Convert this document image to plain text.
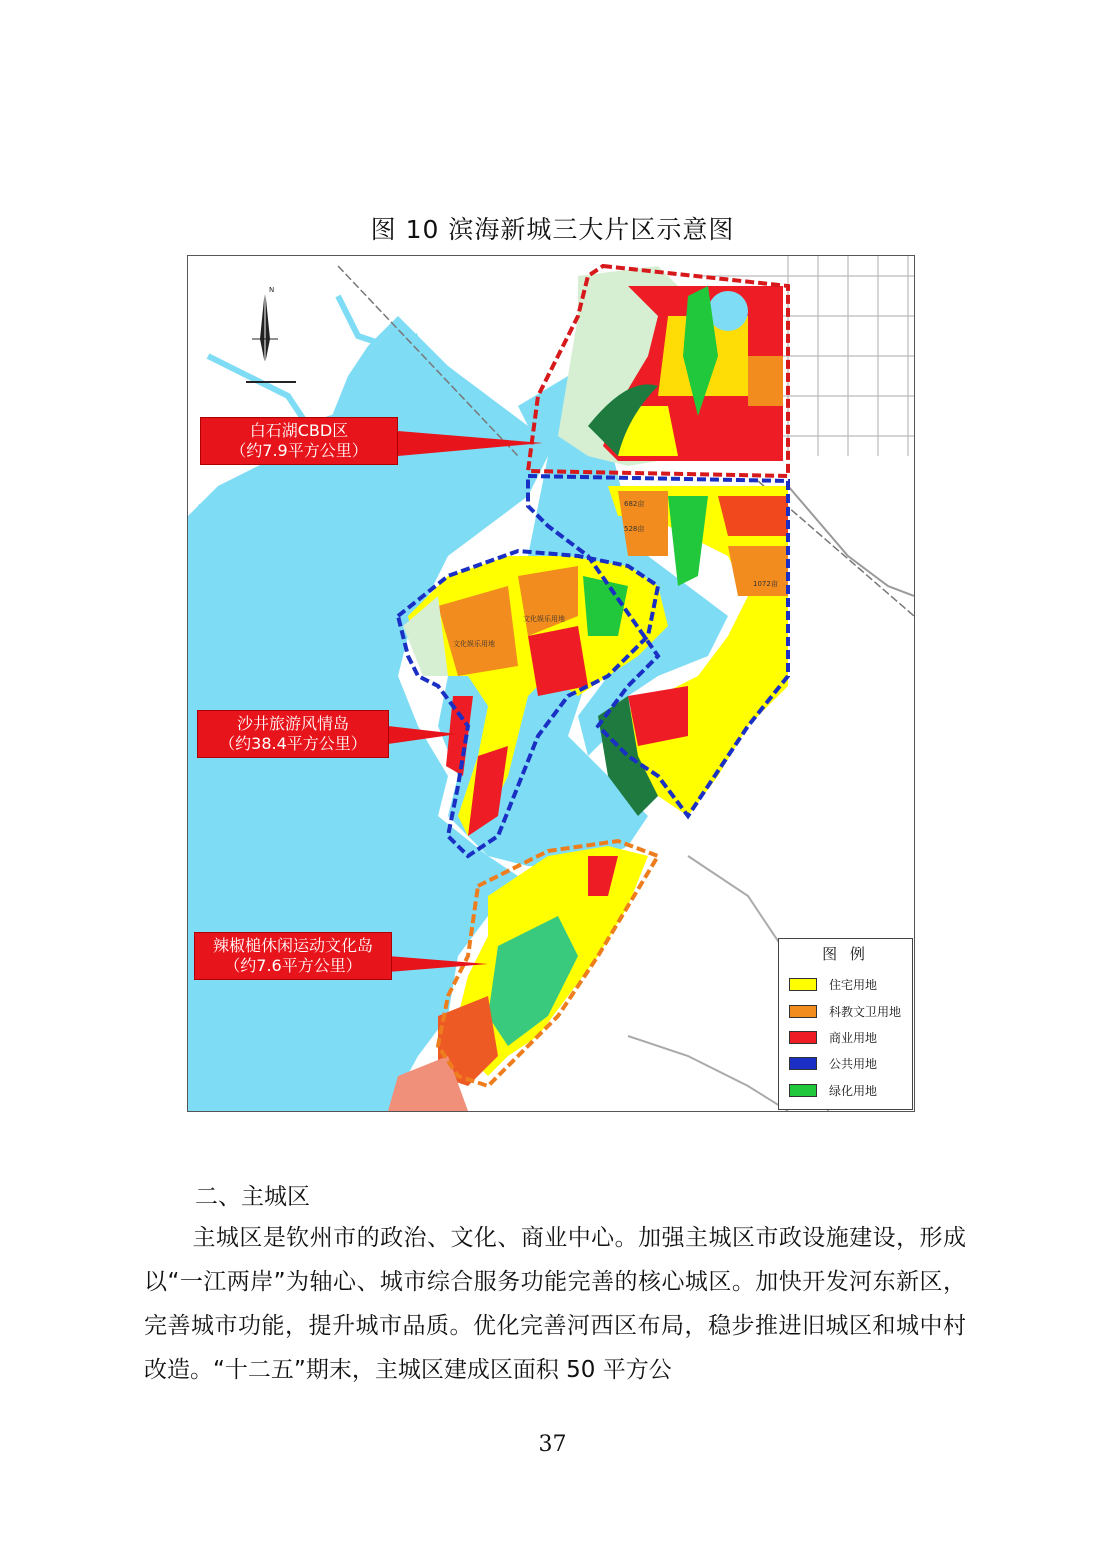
图 10 滨海新城三大片区示意图
文化娱乐用地
文化娱乐用地
682亩
528亩
1072亩
N
白石湖CBD区
（约7.9平方公里）
沙井旅游风情岛
（约38.4平方公里）
辣椒槌休闲运动文化岛
（约7.6平方公里）
图 例
住宅用地
科教文卫用地
商业用地
公共用地
绿化用地
二、主城区
主城区是钦州市的政治、文化、商业中心。加强主城区市政设施建设，形成以“一江两岸”为轴心、城市综合服务功能完善的核心城区。加快开发河东新区，完善城市功能，提升城市品质。优化完善河西区布局，稳步推进旧城区和城中村改造。“十二五”期末，主城区建成区面积 50 平方公
37
